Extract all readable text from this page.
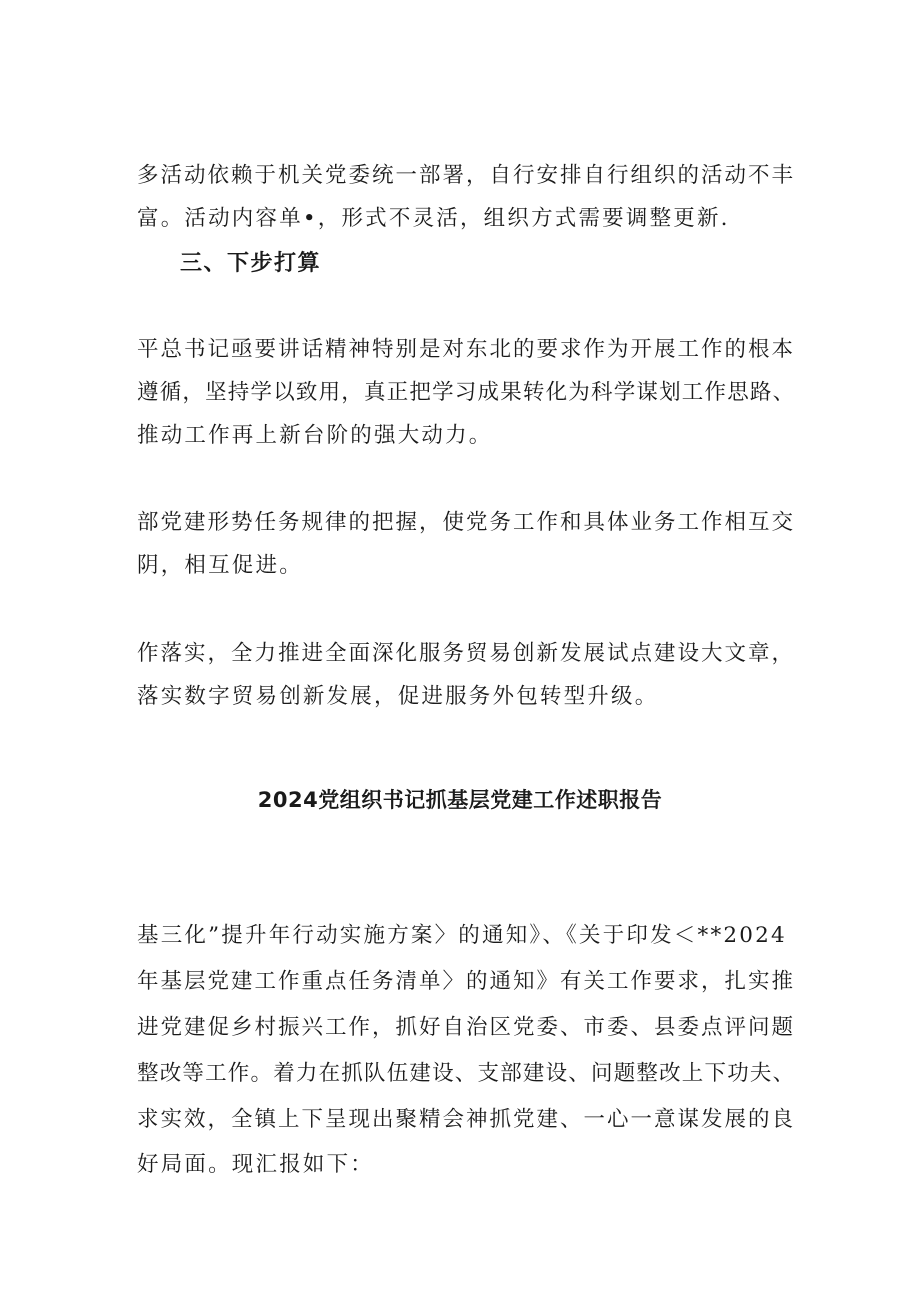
多活动依赖于机关党委统一部署，自行安排自行组织的活动不丰
富。活动内容单•，形式不灵活，组织方式需要调整更新.
三、下步打算
平总书记亟要讲话精神特别是对东北的要求作为开展工作的根本
遵循，坚持学以致用，真正把学习成果转化为科学谋划工作思路、
推动工作再上新台阶的强大动力。
部党建形势任务规律的把握，使党务工作和具体业务工作相互交
阴，相互促进。
作落实，全力推进全面深化服务贸易创新发展试点建设大文章，
落实数字贸易创新发展，促进服务外包转型升级。
2024党组织书记抓基层党建工作述职报告
基三化”提升年行动实施方案〉的通知》、《关于印发＜**2024
年基层党建工作重点任务清单〉的通知》有关工作要求，扎实推
进党建促乡村振兴工作，抓好自治区党委、市委、县委点评问题
整改等工作。着力在抓队伍建设、支部建设、问题整改上下功夫、
求实效，全镇上下呈现出聚精会神抓党建、一心一意谋发展的良
好局面。现汇报如下：
